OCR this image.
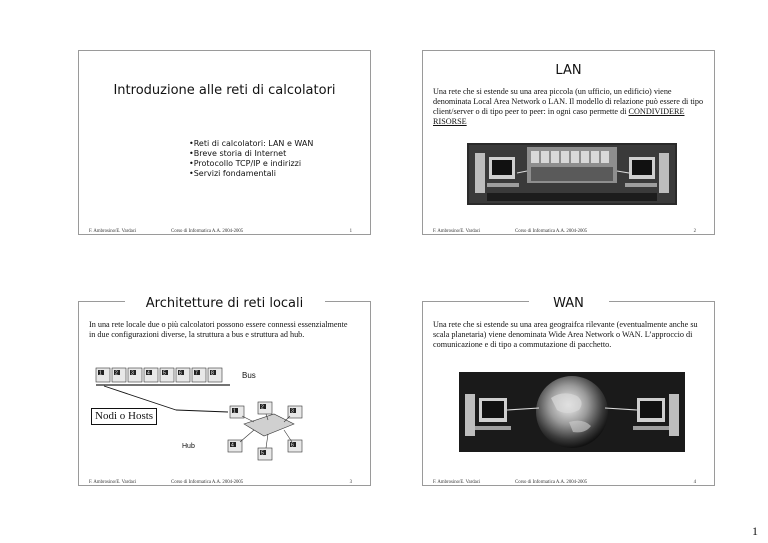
Introduzione alle reti di calcolatori
•Reti di calcolatori: LAN e WAN
•Breve storia di Internet
•Protocollo TCP/IP e indirizzi
•Servizi fondamentali
F. Ambrosino/E. Vardaci	Corso di Informatica A.A. 2004-2005	1
LAN
Una rete che si estende su una area piccola (un ufficio, un edificio) viene denominata Local Area Network o LAN. Il modello di relazione può essere di tipo client/server o di tipo peer to peer: in ogni caso permette di CONDIVIDERE RISORSE
F. Ambrosino/E. Vardaci	Corso di Informatica A.A. 2004-2005	2
Architetture di reti locali
In una rete locale due o più calcolatori possono essere connessi essenzialmente in due configurazioni diverse, la struttura a bus e struttura ad hub.
1	2	3	4	5	6	7	8	Bus
1
2
3
4
5
6
Hub
Nodi o Hosts
F. Ambrosino/E. Vardaci	Corso di Informatica A.A. 2004-2005	3
WAN
Una rete che si estende su una area geograifca rilevante (eventualmente anche su scala planetaria) viene denominata Wide Area Network o WAN. L’approccio di comunicazione e di tipo a commutazione di pacchetto.
F. Ambrosino/E. Vardaci	Corso di Informatica A.A. 2004-2005	4
1
